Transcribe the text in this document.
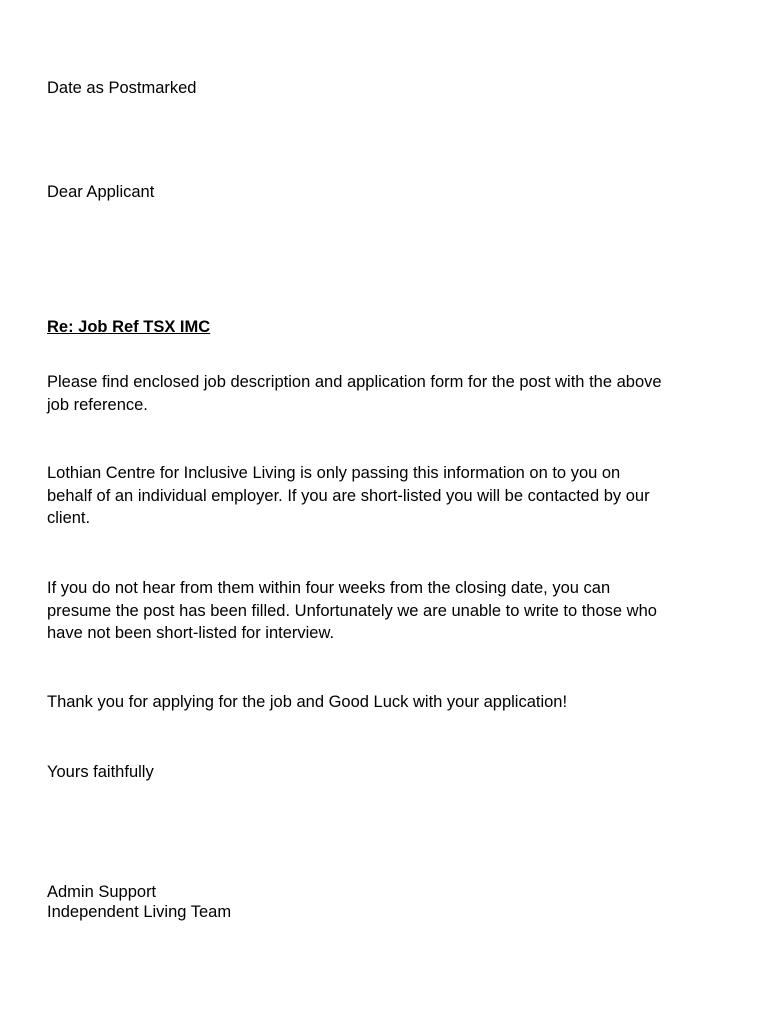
Date as Postmarked

Dear Applicant

Re: Job Ref TSX IMC

Please find enclosed job description and application form for the post with the above
job reference.
Lothian Centre for Inclusive Living is only passing this information on to you on
behalf of an individual employer. If you are short-listed you will be contacted by our
client.
If you do not hear from them within four weeks from the closing date, you can
presume the post has been filled. Unfortunately we are unable to write to those who
have not been short-listed for interview.
Thank you for applying for the job and Good Luck with your application!

Yours faithfully

Admin Support
Independent Living Team
